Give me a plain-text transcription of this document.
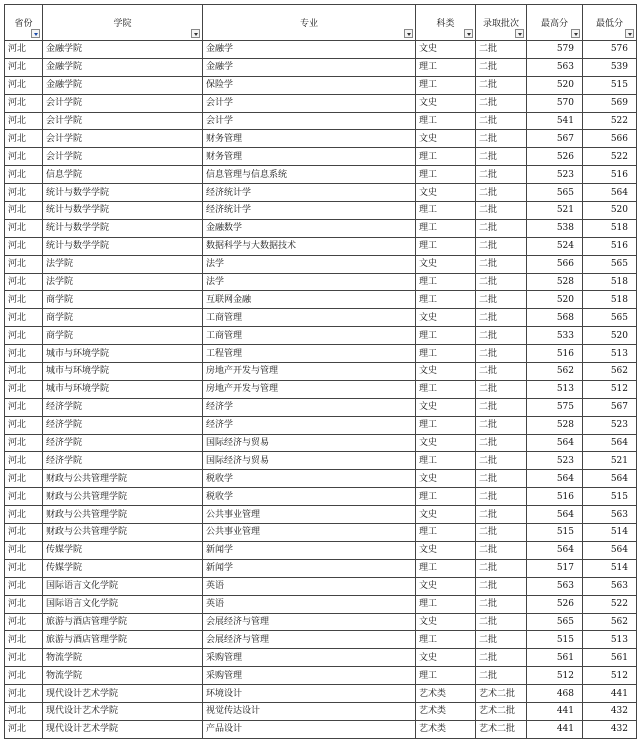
省份	学院	专业	科类	录取批次	最高分	最低分

河北	金融学院	金融学	文史	二批	579	576
河北	金融学院	金融学	理工	二批	563	539
河北	金融学院	保险学	理工	二批	520	515
河北	会计学院	会计学	文史	二批	570	569
河北	会计学院	会计学	理工	二批	541	522
河北	会计学院	财务管理	文史	二批	567	566
河北	会计学院	财务管理	理工	二批	526	522
河北	信息学院	信息管理与信息系统	理工	二批	523	516
河北	统计与数学学院	经济统计学	文史	二批	565	564
河北	统计与数学学院	经济统计学	理工	二批	521	520
河北	统计与数学学院	金融数学	理工	二批	538	518
河北	统计与数学学院	数据科学与大数据技术	理工	二批	524	516
河北	法学院	法学	文史	二批	566	565
河北	法学院	法学	理工	二批	528	518
河北	商学院	互联网金融	理工	二批	520	518
河北	商学院	工商管理	文史	二批	568	565
河北	商学院	工商管理	理工	二批	533	520
河北	城市与环境学院	工程管理	理工	二批	516	513
河北	城市与环境学院	房地产开发与管理	文史	二批	562	562
河北	城市与环境学院	房地产开发与管理	理工	二批	513	512
河北	经济学院	经济学	文史	二批	575	567
河北	经济学院	经济学	理工	二批	528	523
河北	经济学院	国际经济与贸易	文史	二批	564	564
河北	经济学院	国际经济与贸易	理工	二批	523	521
河北	财政与公共管理学院	税收学	文史	二批	564	564
河北	财政与公共管理学院	税收学	理工	二批	516	515
河北	财政与公共管理学院	公共事业管理	文史	二批	564	563
河北	财政与公共管理学院	公共事业管理	理工	二批	515	514
河北	传媒学院	新闻学	文史	二批	564	564
河北	传媒学院	新闻学	理工	二批	517	514
河北	国际语言文化学院	英语	文史	二批	563	563
河北	国际语言文化学院	英语	理工	二批	526	522
河北	旅游与酒店管理学院	会展经济与管理	文史	二批	565	562
河北	旅游与酒店管理学院	会展经济与管理	理工	二批	515	513
河北	物流学院	采购管理	文史	二批	561	561
河北	物流学院	采购管理	理工	二批	512	512
河北	现代设计艺术学院	环境设计	艺术类	艺术二批	468	441
河北	现代设计艺术学院	视觉传达设计	艺术类	艺术二批	441	432
河北	现代设计艺术学院	产品设计	艺术类	艺术二批	441	432
